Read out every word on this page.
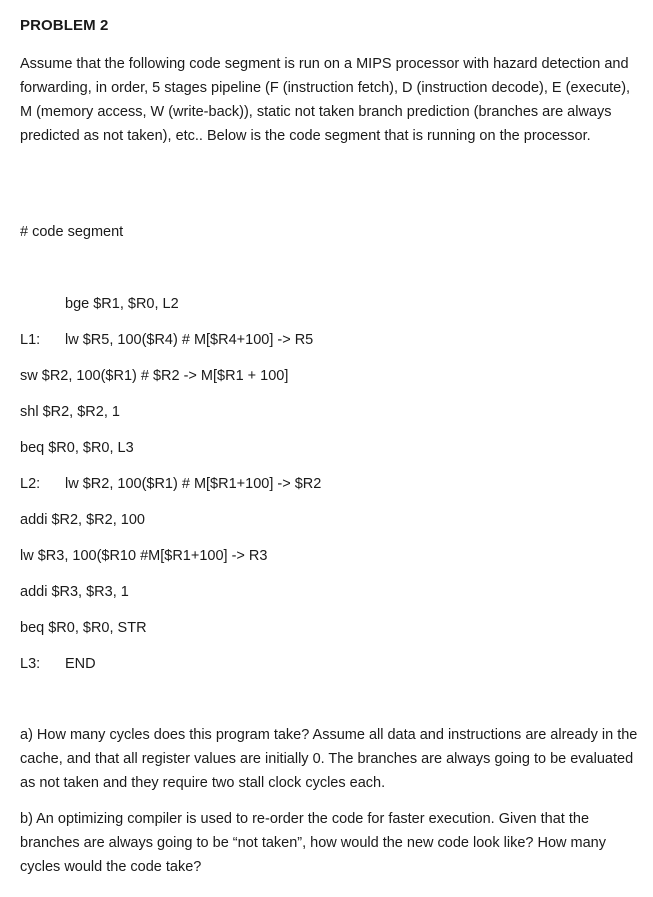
PROBLEM 2
Assume that the following code segment is run on a MIPS processor with hazard detection and forwarding, in order, 5 stages pipeline (F (instruction fetch), D (instruction decode), E (execute), M (memory access, W (write-back)), static not taken branch prediction (branches are always predicted as not taken), etc.. Below is the code segment that is running on the processor.
# code segment
bge $R1, $R0, L2
L1: lw $R5, 100($R4) # M[$R4+100] -> R5
sw $R2, 100($R1) # $R2 -> M[$R1 + 100]
shl $R2, $R2, 1
beq $R0, $R0, L3
L2: lw $R2, 100($R1) # M[$R1+100] -> $R2
addi $R2, $R2, 100
lw $R3, 100($R10 #M[$R1+100] -> R3
addi $R3, $R3, 1
beq $R0, $R0, STR
L3: END
a) How many cycles does this program take? Assume all data and instructions are already in the cache, and that all register values are initially 0. The branches are always going to be evaluated as not taken and they require two stall clock cycles each.
b) An optimizing compiler is used to re-order the code for faster execution. Given that the branches are always going to be “not taken”, how would the new code look like? How many cycles would the code take?
